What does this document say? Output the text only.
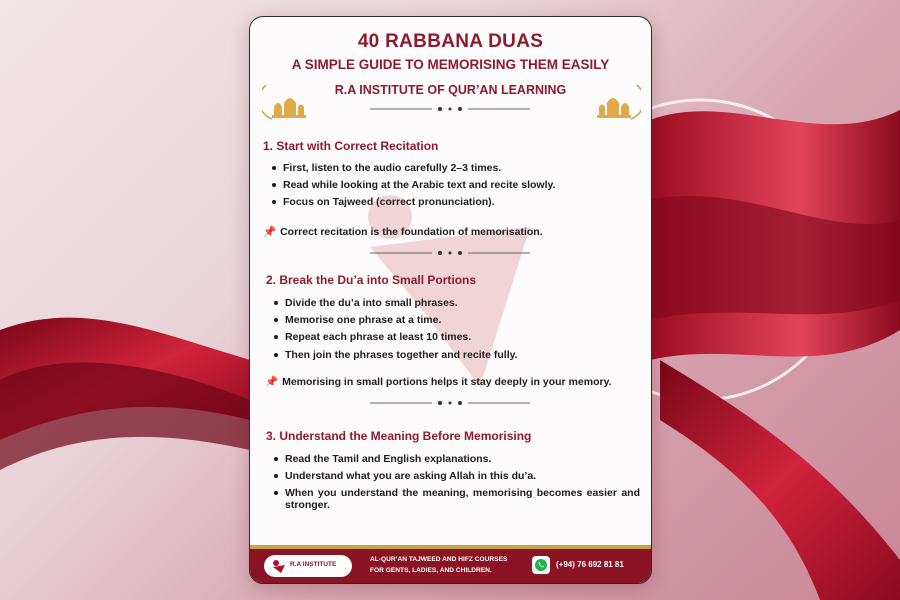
40 RABBANA DUAS
A SIMPLE GUIDE TO MEMORISING THEM EASILY
R.A INSTITUTE OF QUR’AN LEARNING
1. Start with Correct Recitation
First, listen to the audio carefully 2–3 times.
Read while looking at the Arabic text and recite slowly.
Focus on Tajweed (correct pronunciation).
📌 Correct recitation is the foundation of memorisation.
2. Break the Du’a into Small Portions
Divide the du’a into small phrases.
Memorise one phrase at a time.
Repeat each phrase at least 10 times.
Then join the phrases together and recite fully.
📌 Memorising in small portions helps it stay deeply in your memory.
3. Understand the Meaning Before Memorising
Read the Tamil and English explanations.
Understand what you are asking Allah in this du’a.
When you understand the meaning, memorising becomes easier and stronger.
R.A INSTITUTE
AL-QUR’AN TAJWEED AND HIFZ COURSES
FOR GENTS, LADIES, AND CHILDREN.
(+94) 76 692 81 81
